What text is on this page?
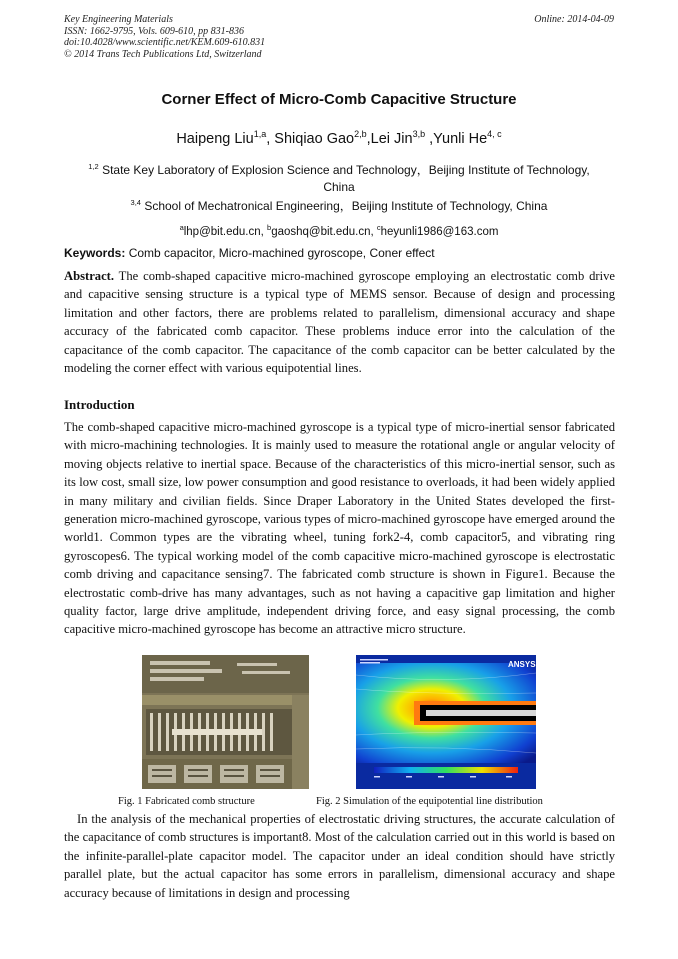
Key Engineering Materials
ISSN: 1662-9795, Vols. 609-610, pp 831-836
doi:10.4028/www.scientific.net/KEM.609-610.831
© 2014 Trans Tech Publications Ltd, Switzerland
Online: 2014-04-09
Corner Effect of Micro-Comb Capacitive Structure
Haipeng Liu$^{1,a}$, Shiqiao Gao$^{2,b}$,Lei Jin$^{3,b}$ ,Yunli He$^{4, c}$
$^{1,2}$ State Key Laboratory of Explosion Science and Technology，Beijing Institute of Technology,
China
$^{3,4}$ School of Mechatronical Engineering，Beijing Institute of Technology, China
$^a$lhp@bit.edu.cn, $^b$gaoshq@bit.edu.cn, $^c$heyunli1986@163.com
Keywords: Comb capacitor, Micro-machined gyroscope, Coner effect
Abstract. The comb-shaped capacitive micro-machined gyroscope employing an electrostatic comb drive and capacitive sensing structure is a typical type of MEMS sensor. Because of design and processing limitation and other factors, there are problems related to parallelism, dimensional accuracy and shape accuracy of the fabricated comb capacitor. These problems induce error into the calculation of the capacitance of the comb capacitor. The capacitance of the comb capacitor can be better calculated by the modeling the corner effect with various equipotential lines.
Introduction
The comb-shaped capacitive micro-machined gyroscope is a typical type of micro-inertial sensor fabricated with micro-machining technologies. It is mainly used to measure the rotational angle or angular velocity of moving objects relative to inertial space. Because of the characteristics of this micro-inertial sensor, such as its low cost, small size, low power consumption and good resistance to overloads, it had been widely applied in many military and civilian fields. Since Draper Laboratory in the United States developed the first-generation micro-machined gyroscope, various types of micro-machined gyroscope have emerged around the world1. Common types are the vibrating wheel, tuning fork2-4, comb capacitor5, and vibrating ring gyroscopes6. The typical working model of the comb capacitive micro-machined gyroscope is electrostatic comb driving and capacitance sensing7. The fabricated comb structure is shown in Figure1. Because the electrostatic comb-drive has many advantages, such as not having a capacitive gap limitation and higher quality factor, large drive amplitude, independent driving force, and easy signal processing, the comb capacitive micro-machined gyroscope has become an attractive micro structure.
ANSYS
Fig. 1 Fabricated comb structure	Fig. 2 Simulation of the equipotential line distribution
In the analysis of the mechanical properties of electrostatic driving structures, the accurate calculation of the capacitance of comb structures is important8. Most of the calculation carried out in this world is based on the infinite-parallel-plate capacitor model. The capacitor under an ideal condition should have strictly parallel plate, but the actual capacitor has some errors in parallelism, dimensional accuracy and shape accuracy because of limitations in design and processing
